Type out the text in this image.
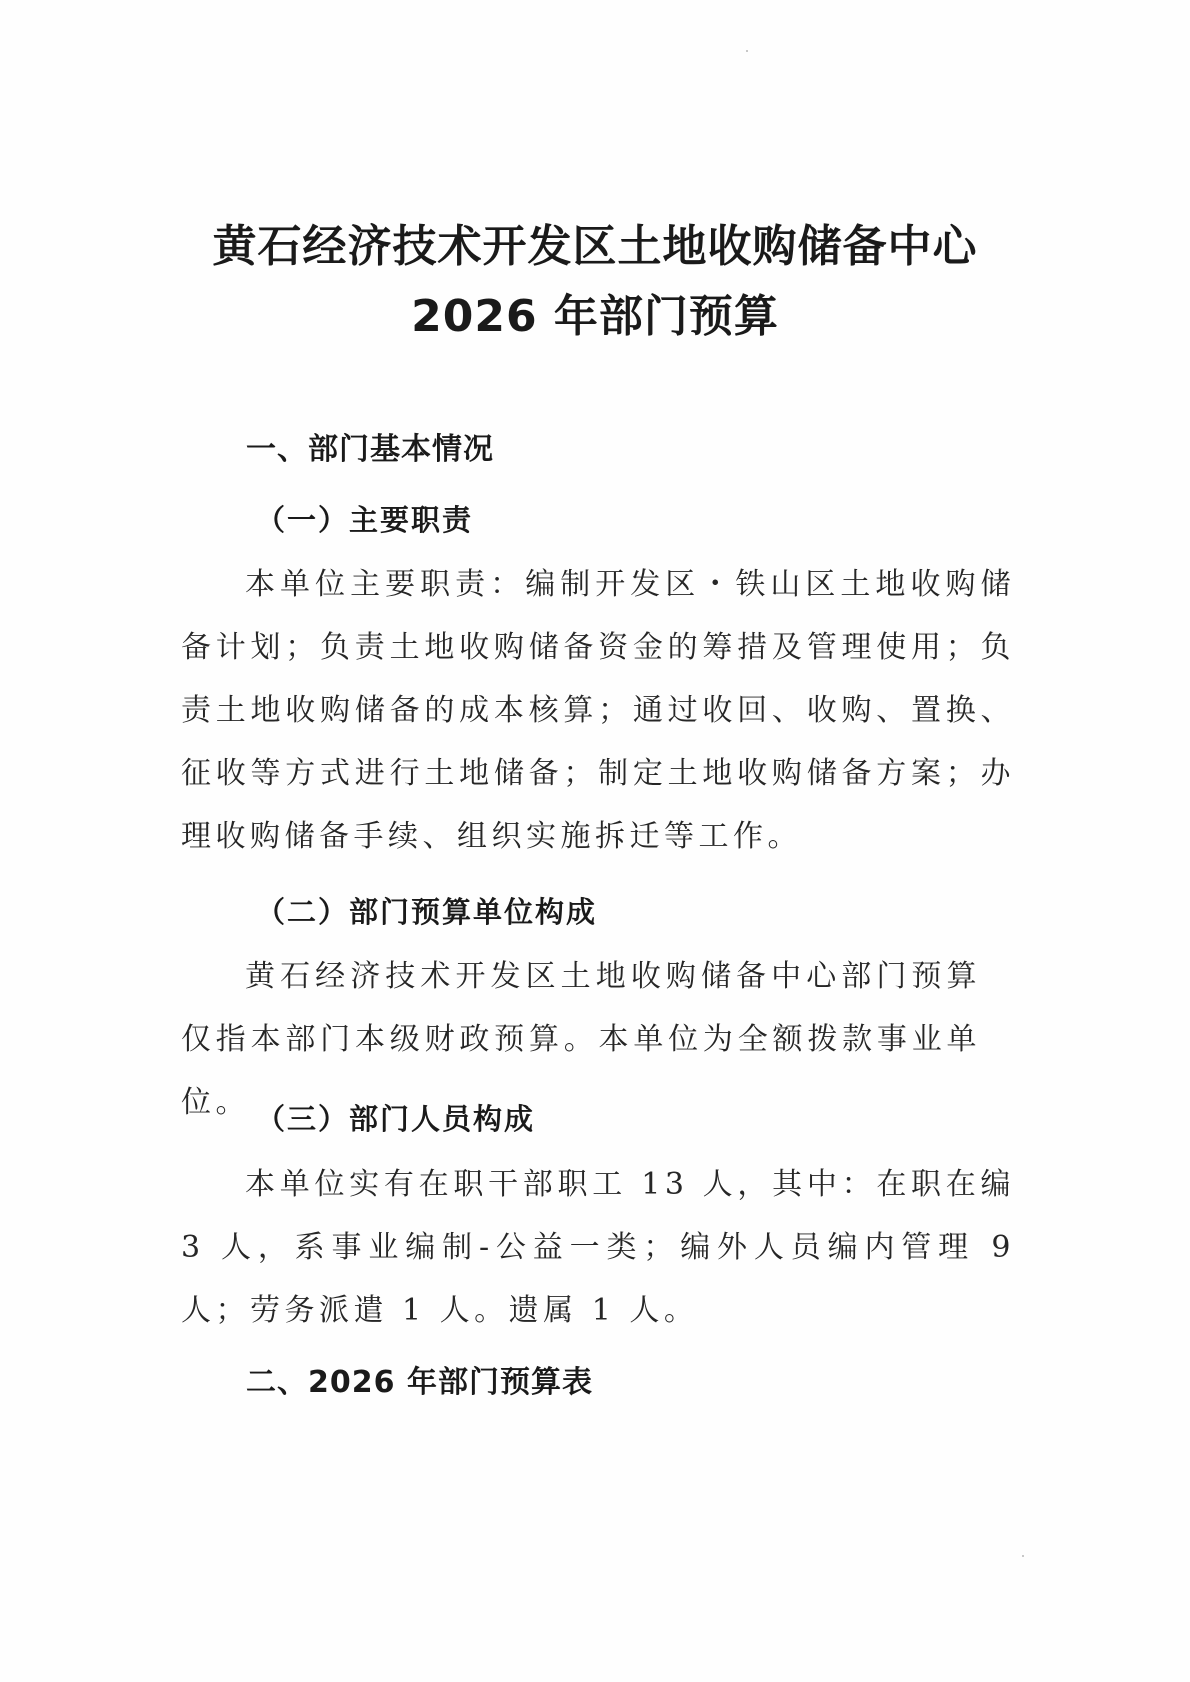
黄石经济技术开发区土地收购储备中心
2026 年部门预算
一、部门基本情况
（一）主要职责

本单位主要职责：编制开发区・铁山区土地收购储备计划；负责土地收购储备资金的筹措及管理使用；负责土地收购储备的成本核算；通过收回、收购、置换、征收等方式进行土地储备；制定土地收购储备方案；办理收购储备手续、组织实施拆迁等工作。

（二）部门预算单位构成

黄石经济技术开发区土地收购储备中心部门预算仅指本部门本级财政预算。本单位为全额拨款事业单位。 （三）部门人员构成

本单位实有在职干部职工 13 人，其中：在职在编 3 人，系事业编制-公益一类；编外人员编内管理 9 人；劳务派遣 1 人。遗属 1 人。

二、2026 年部门预算表
